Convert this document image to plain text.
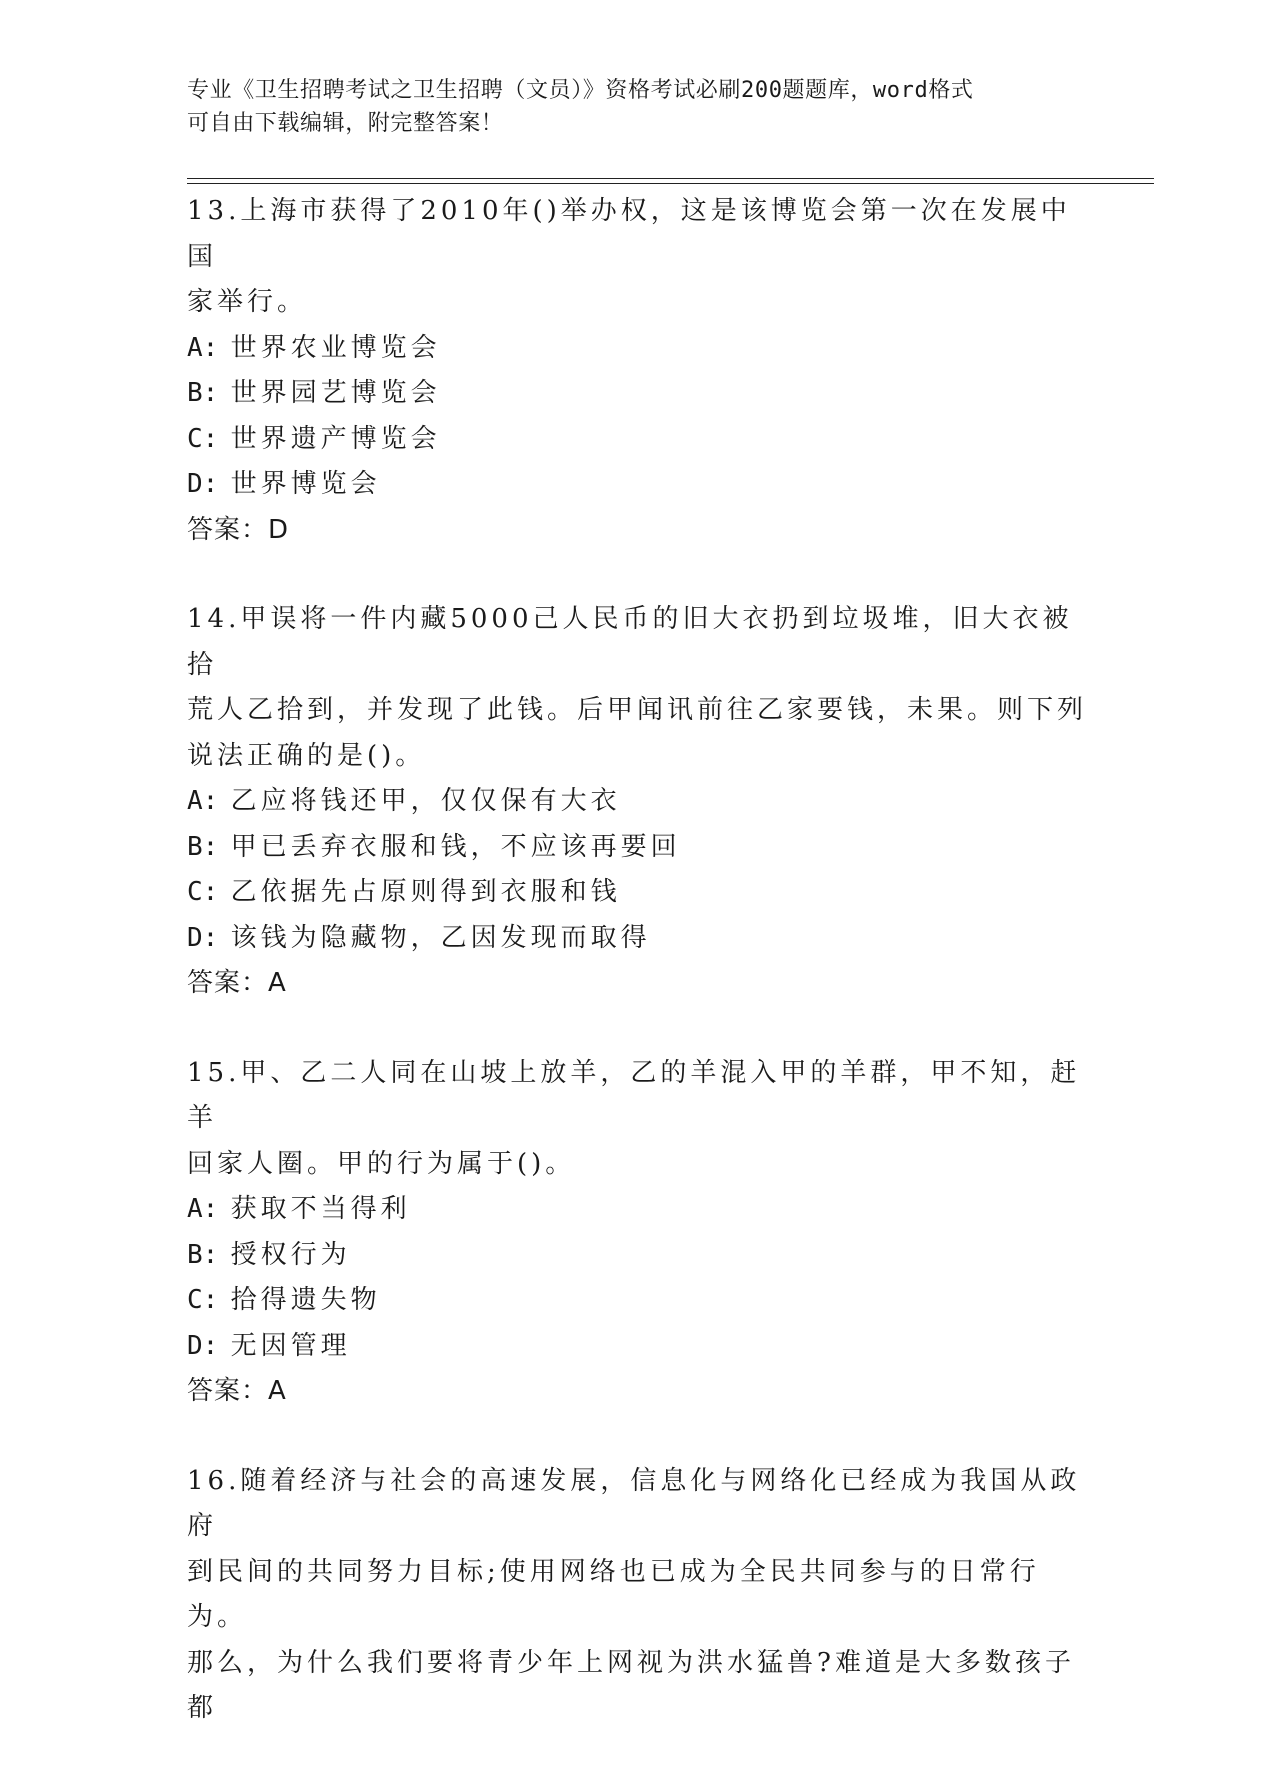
专业《卫生招聘考试之卫生招聘（文员）》资格考试必刷200题题库，word格式
可自由下载编辑，附完整答案！

13.上海市获得了2010年()举办权，这是该博览会第一次在发展中国

家举行。

A: 世界农业博览会

B: 世界园艺博览会

C: 世界遗产博览会

D: 世界博览会

答案：D

14.甲误将一件内藏5000己人民币的旧大衣扔到垃圾堆，旧大衣被拾

荒人乙拾到，并发现了此钱。后甲闻讯前往乙家要钱，未果。则下列

说法正确的是()。

A: 乙应将钱还甲，仅仅保有大衣

B: 甲已丢弃衣服和钱，不应该再要回

C: 乙依据先占原则得到衣服和钱

D: 该钱为隐藏物，乙因发现而取得

答案：A

15.甲、乙二人同在山坡上放羊，乙的羊混入甲的羊群，甲不知，赶羊

回家人圈。甲的行为属于()。

A: 获取不当得利

B: 授权行为

C: 拾得遗失物

D: 无因管理

答案：A

16.随着经济与社会的高速发展，信息化与网络化已经成为我国从政府

到民间的共同努力目标;使用网络也已成为全民共同参与的日常行为。

那么，为什么我们要将青少年上网视为洪水猛兽?难道是大多数孩子都
